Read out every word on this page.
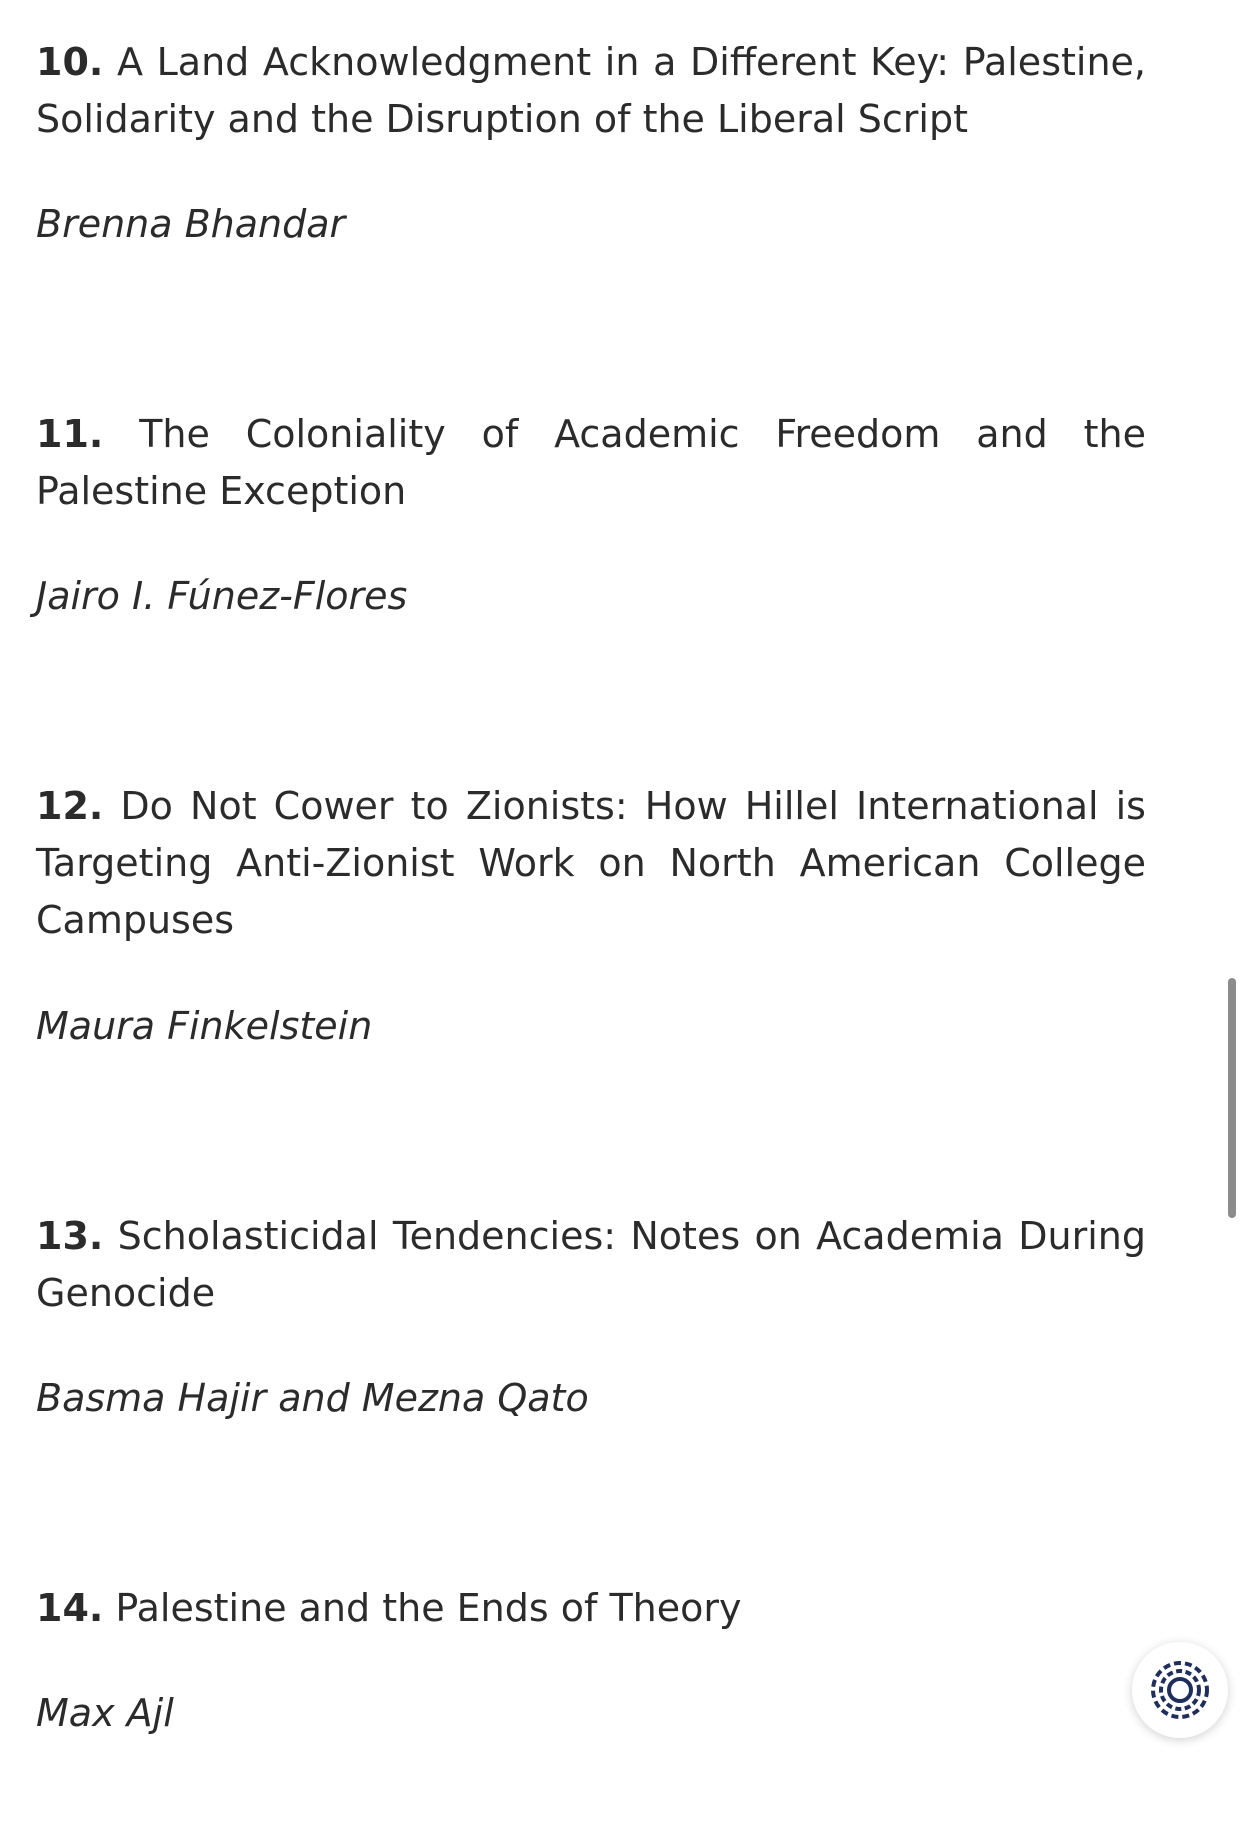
10. A Land Acknowledgment in a Different Key: Palestine, Solidarity and the Disruption of the Liberal Script

Brenna Bhandar

11. The Coloniality of Academic Freedom and the Palestine Exception

Jairo I. Fúnez-Flores

12. Do Not Cower to Zionists: How Hillel International is Targeting Anti-Zionist Work on North American College Campuses

Maura Finkelstein

13. Scholasticidal Tendencies: Notes on Academia During Genocide

Basma Hajir and Mezna Qato

14. Palestine and the Ends of Theory

Max Ajl
